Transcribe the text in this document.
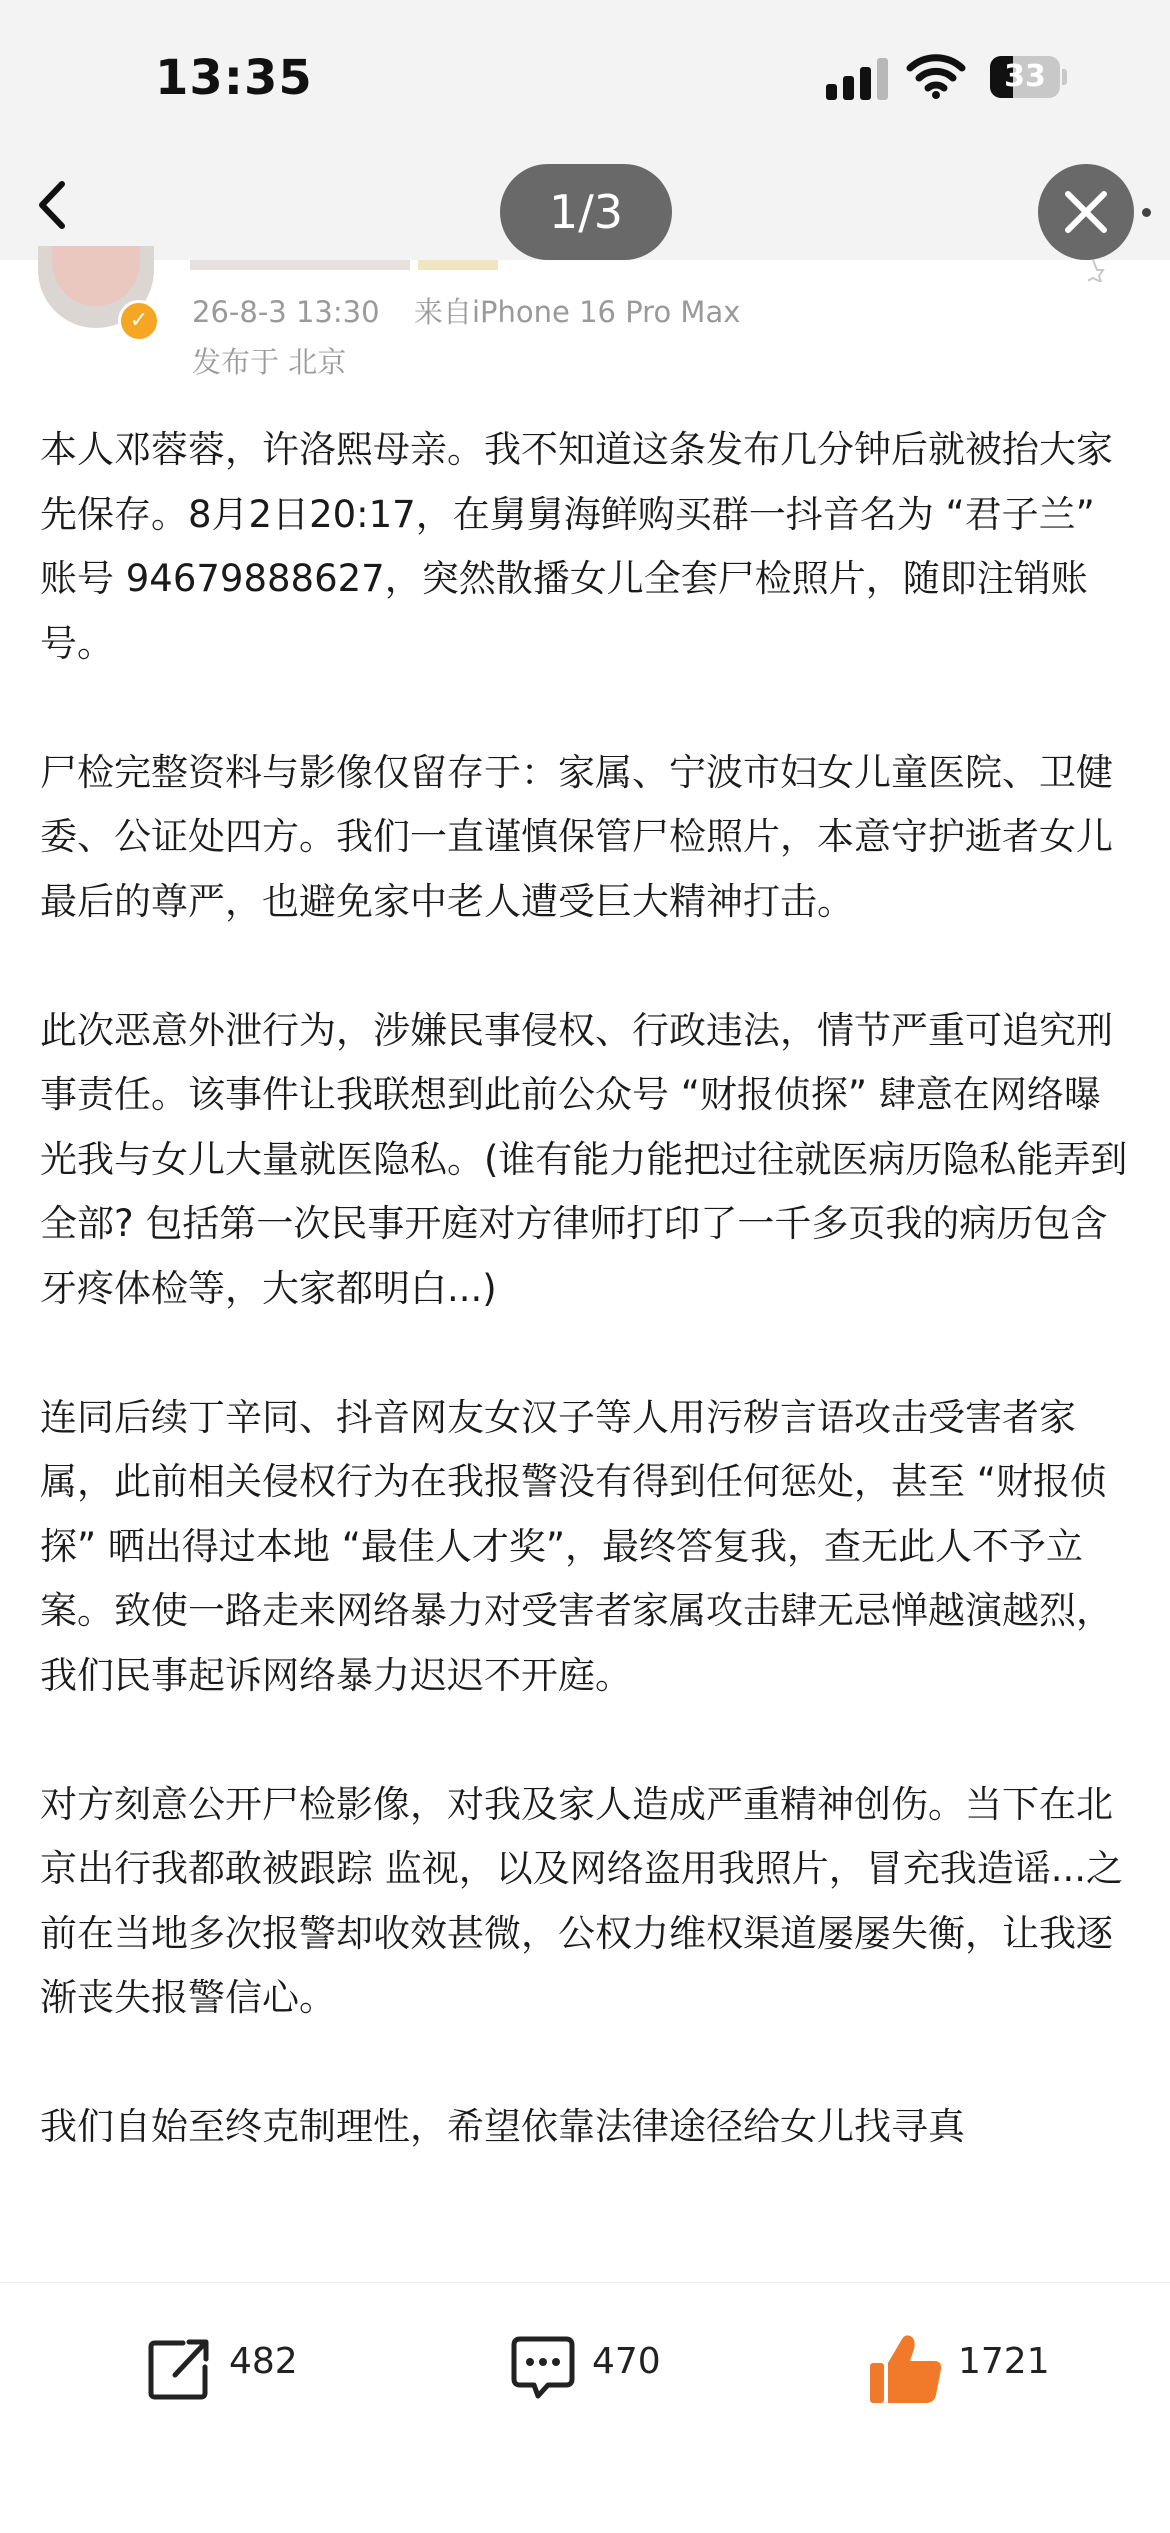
13:35	33
1/3
✓	26-8-3 13:30 来自iPhone 16 Pro Max
发布于 北京

本人邓蓉蓉，许洛熙母亲。我不知道这条发布几分钟后就被抬大家先保存。8月2日20:17，在舅舅海鲜购买群一抖音名为 “君子兰” 账号 94679888627，突然散播女儿全套尸检照片，随即注销账号。

尸检完整资料与影像仅留存于：家属、宁波市妇女儿童医院、卫健委、公证处四方。我们一直谨慎保管尸检照片，本意守护逝者女儿最后的尊严，也避免家中老人遭受巨大精神打击。

此次恶意外泄行为，涉嫌民事侵权、行政违法，情节严重可追究刑事责任。该事件让我联想到此前公众号 “财报侦探” 肆意在网络曝光我与女儿大量就医隐私。(谁有能力能把过往就医病历隐私能弄到全部? 包括第一次民事开庭对方律师打印了一千多页我的病历包含牙疼体检等，大家都明白...)

连同后续丁辛同、抖音网友女汉子等人用污秽言语攻击受害者家属，此前相关侵权行为在我报警没有得到任何惩处，甚至 “财报侦探” 晒出得过本地 “最佳人才奖”，最终答复我，查无此人不予立案。致使一路走来网络暴力对受害者家属攻击肆无忌惮越演越烈，我们民事起诉网络暴力迟迟不开庭。

对方刻意公开尸检影像，对我及家人造成严重精神创伤。当下在北京出行我都敢被跟踪 监视，以及网络盗用我照片，冒充我造谣...之前在当地多次报警却收效甚微，公权力维权渠道屡屡失衡，让我逐渐丧失报警信心。

我们自始至终克制理性，希望依靠法律途径给女儿找寻真

482	470	1721
